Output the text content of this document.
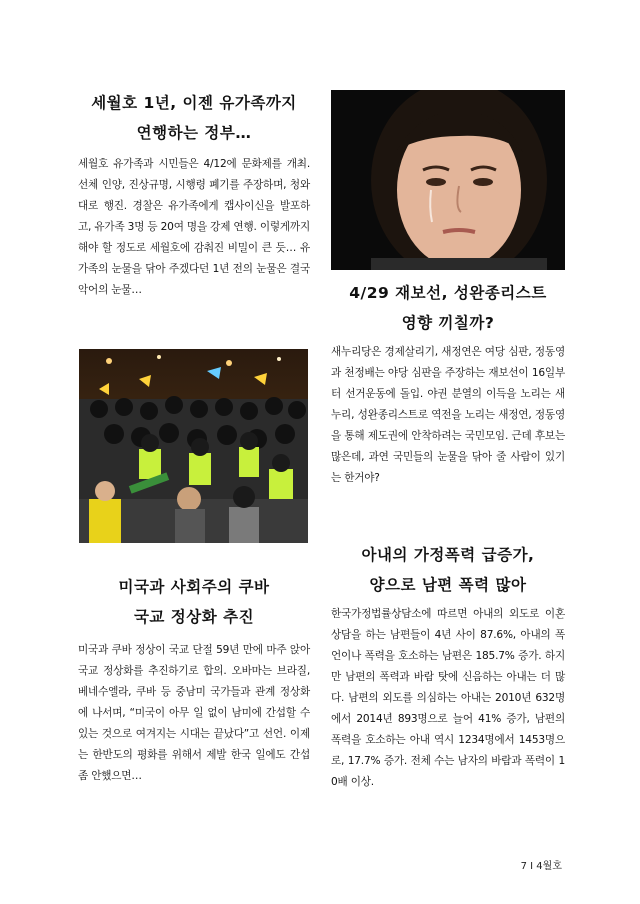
세월호 1년, 이젠 유가족까지
연행하는 정부…

세월호 유가족과 시민들은 4/12에 문화제를 개최. 선체 인양, 진상규명, 시행령 폐기를 주장하며, 청와대로 행진. 경찰은 유가족에게 캡사이신을 발포하고, 유가족 3명 등 20여 명을 강제 연행. 이렇게까지 해야 할 정도로 세월호에 감춰진 비밀이 큰 듯… 유가족의 눈물을 닦아 주겠다던 1년 전의 눈물은 결국 악어의 눈물…

미국과 사회주의 쿠바
국교 정상화 추진

미국과 쿠바 정상이 국교 단절 59년 만에 마주 앉아 국교 정상화를 추진하기로 합의. 오바마는 브라질, 베네수엘라, 쿠바 등 중남미 국가들과 관계 정상화에 나서며, “미국이 아무 일 없이 남미에 간섭할 수 있는 것으로 여겨지는 시대는 끝났다”고 선언. 이제는 한반도의 평화를 위해서 제발 한국 일에도 간섭 좀 안했으면…

4/29 재보선, 성완종리스트
영향 끼칠까?

새누리당은 경제살리기, 새정연은 여당 심판, 정동영과 천정배는 야당 심판을 주장하는 재보선이 16일부터 선거운동에 돌입. 야권 분열의 이득을 노리는 새누리, 성완종리스트로 역전을 노리는 새정연, 정동영을 통해 제도권에 안착하려는 국민모임. 근데 후보는 많은데, 과연 국민들의 눈물을 닦아 줄 사람이 있기는 한거야?

아내의 가정폭력 급증가,
양으로 남편 폭력 많아

한국가정법률상담소에 따르면 아내의 외도로 이혼 상담을 하는 남편들이 4년 사이 87.6%, 아내의 폭언이나 폭력을 호소하는 남편은 185.7% 증가. 하지만 남편의 폭력과 바람 탓에 신음하는 아내는 더 많다. 남편의 외도를 의심하는 아내는 2010년 632명에서 2014년 893명으로 늘어 41% 증가, 남편의 폭력을 호소하는 아내 역시 1234명에서 1453명으로, 17.7% 증가. 전체 수는 남자의 바람과 폭력이 10배 이상.

7 I 4월호
